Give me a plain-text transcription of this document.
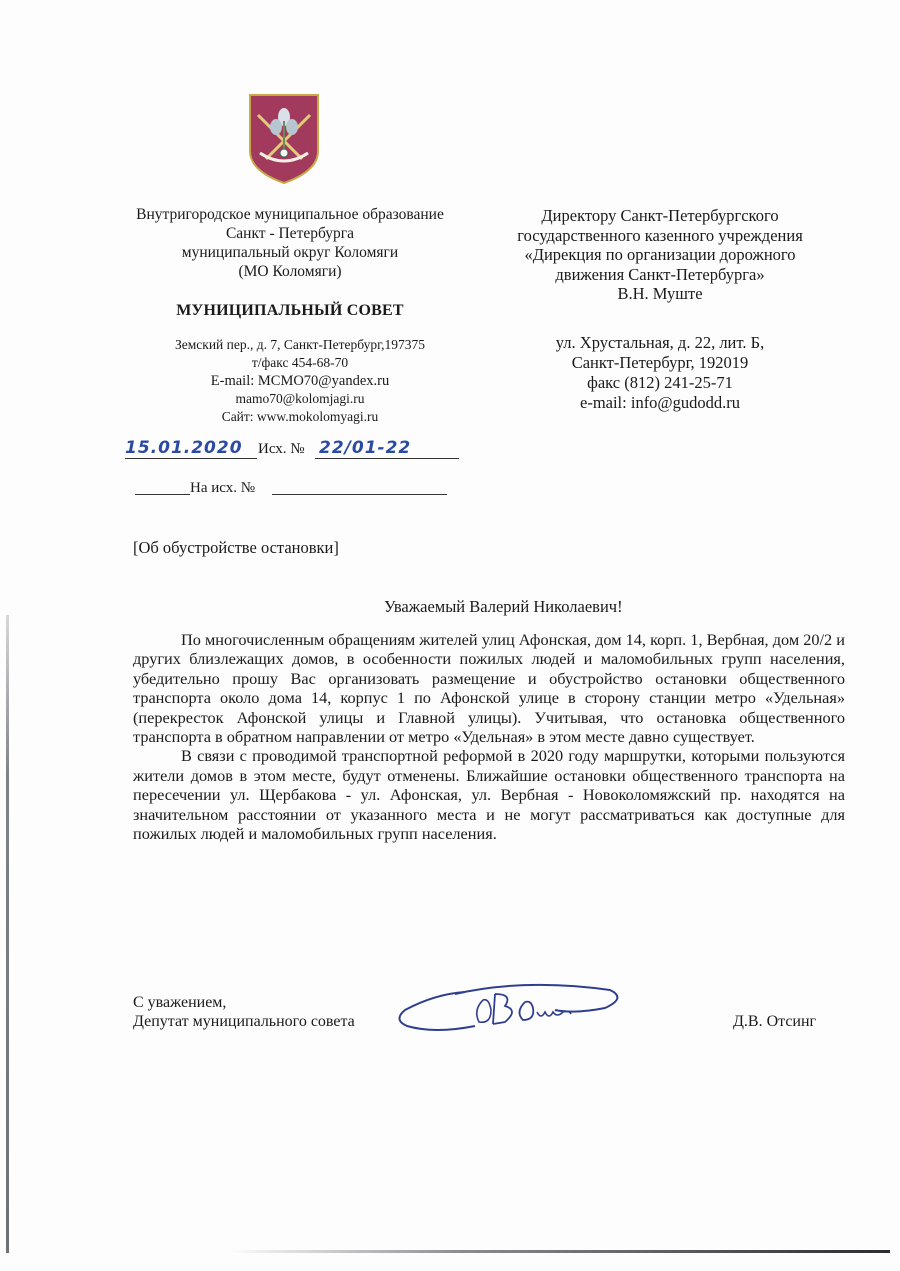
Внутригородское муниципальное образование
Санкт - Петербурга
муниципальный округ Коломяги
(МО Коломяги)
МУНИЦИПАЛЬНЫЙ СОВЕТ
Земский пер., д. 7, Санкт-Петербург,197375
т/факс 454-68-70
E-mail: MCMO70@yandex.ru
mamo70@kolomjagi.ru
Сайт: www.mokolomyagi.ru
Директору Санкт-Петербургского
государственного казенного учреждения
«Дирекция по организации дорожного
движения Санкт-Петербурга»
В.Н. Муште
ул. Хрустальная, д. 22, лит. Б,
Санкт-Петербург, 192019
факс (812) 241-25-71
e-mail: info@gudodd.ru
15.01.2020	Исх. № 22/01-22
На исх. №
[Об обустройстве остановки]
Уважаемый Валерий Николаевич!

По многочисленным обращениям жителей улиц Афонская, дом 14, корп. 1, Вербная, дом 20/2 и других близлежащих домов, в особенности пожилых людей и маломобильных групп населения, убедительно прошу Вас организовать размещение и обустройство остановки общественного транспорта около дома 14, корпус 1 по Афонской улице в сторону станции метро «Удельная» (перекресток Афонской улицы и Главной улицы). Учитывая, что остановка общественного транспорта в обратном направлении от метро «Удельная» в этом месте давно существует.

В связи с проводимой транспортной реформой в 2020 году маршрутки, которыми пользуются жители домов в этом месте, будут отменены. Ближайшие остановки общественного транспорта на пересечении ул. Щербакова - ул. Афонская, ул. Вербная - Новоколомяжский пр. находятся на значительном расстоянии от указанного места и не могут рассматриваться как доступные для пожилых людей и маломобильных групп населения.

С уважением,
Депутат муниципального совета	Д.В. Отсинг
